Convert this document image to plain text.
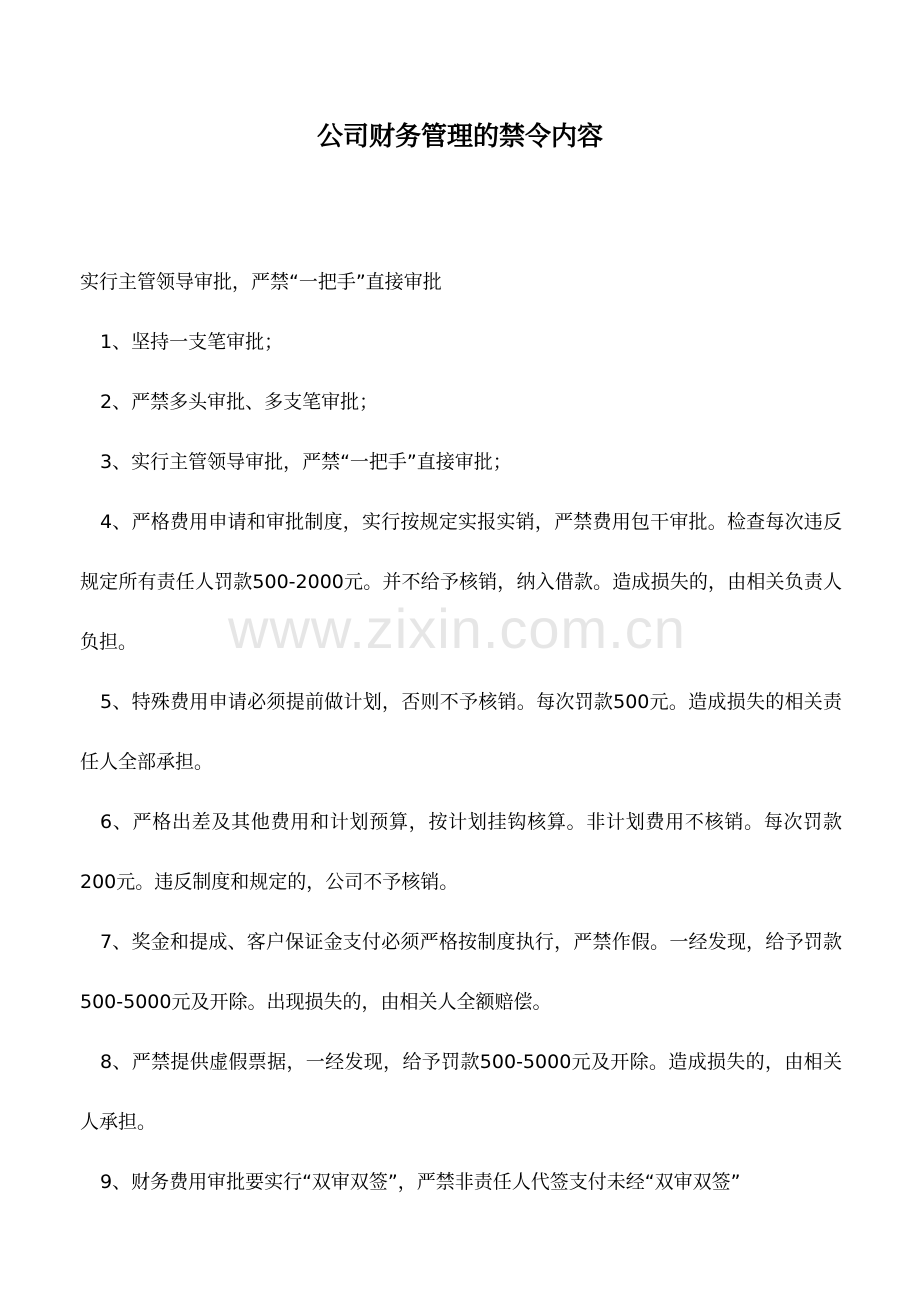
公司财务管理的禁令内容

实行主管领导审批，严禁“一把手”直接审批

1、坚持一支笔审批；

2、严禁多头审批、多支笔审批；

3、实行主管领导审批，严禁“一把手”直接审批；

4、严格费用申请和审批制度，实行按规定实报实销，严禁费用包干审批。检查每次违反规定所有责任人罚款500-2000元。并不给予核销，纳入借款。造成损失的，由相关负责人负担。

5、特殊费用申请必须提前做计划，否则不予核销。每次罚款500元。造成损失的相关责任人全部承担。

6、严格出差及其他费用和计划预算，按计划挂钩核算。非计划费用不核销。每次罚款200元。违反制度和规定的，公司不予核销。

7、奖金和提成、客户保证金支付必须严格按制度执行，严禁作假。一经发现，给予罚款500-5000元及开除。出现损失的，由相关人全额赔偿。

8、严禁提供虚假票据，一经发现，给予罚款500-5000元及开除。造成损失的，由相关人承担。

9、财务费用审批要实行“双审双签”，严禁非责任人代签支付未经“双审双签”

www.zixin.com.cn
